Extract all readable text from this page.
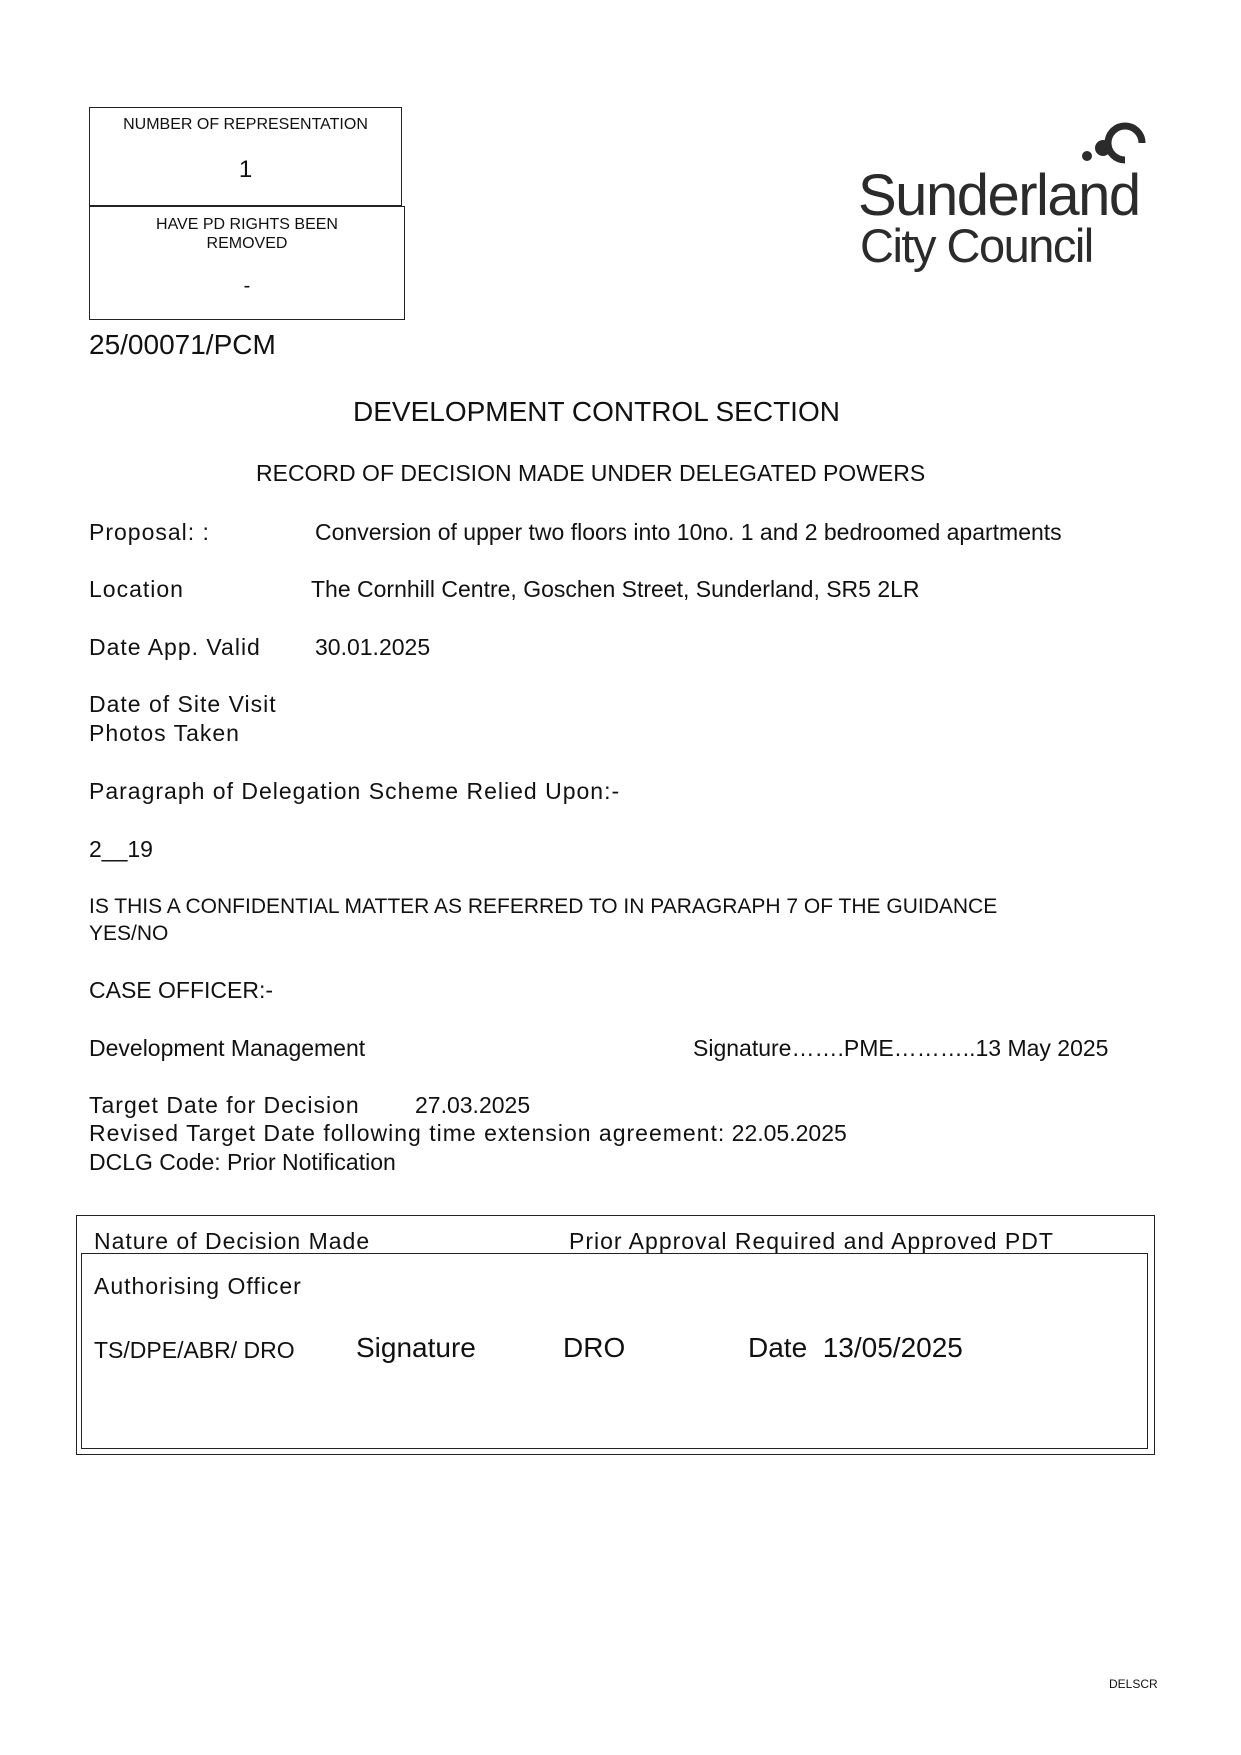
NUMBER OF REPRESENTATION
1
HAVE PD RIGHTS BEEN
REMOVED
-
Sunderland
City Council
25/00071/PCM
DEVELOPMENT CONTROL SECTION
RECORD OF DECISION MADE UNDER DELEGATED POWERS
Proposal: :	Conversion of upper two floors into 10no. 1 and 2 bedroomed apartments
Location	The Cornhill Centre, Goschen Street, Sunderland, SR5 2LR
Date App. Valid 30.01.2025
Date of Site Visit
Photos Taken
Paragraph of Delegation Scheme Relied Upon:-
2__19
IS THIS A CONFIDENTIAL MATTER AS REFERRED TO IN PARAGRAPH 7 OF THE GUIDANCE
YES/NO
CASE OFFICER:-
Development Management	Signature…….PME………..13 May 2025
Target Date for Decision 27.03.2025
Revised Target Date following time extension agreement: 22.05.2025
DCLG Code: Prior Notification
Nature of Decision Made	Prior Approval Required and Approved PDT
Authorising Officer
TS/DPE/ABR/ DRO Signature	DRO	Date 13/05/2025
DELSCR
